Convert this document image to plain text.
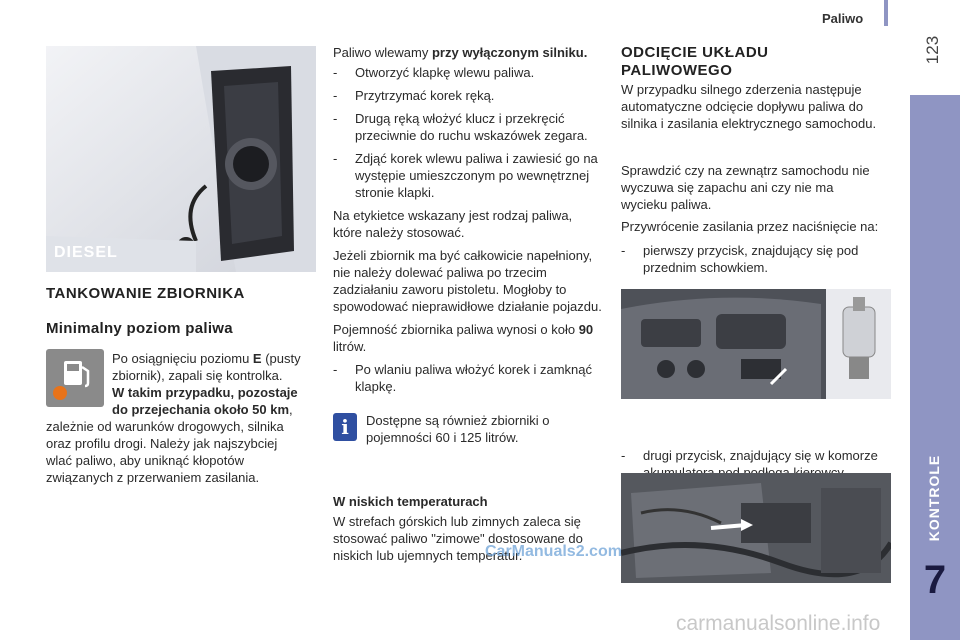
Paliwo
123
KONTROLE
7
DIESEL
TANKOWANIE ZBIORNIKA
Minimalny poziom paliwa
Po osiągnięciu poziomu E (pusty zbiornik), zapali się kontrolka.
W takim przypadku, pozostaje do przejechania około 50 km,
zależnie od warunków drogowych, silnika oraz profilu drogi. Należy jak najszybciej wlać paliwo, aby uniknąć kłopotów związanych z przerwaniem zasilania.
Paliwo wlewamy przy wyłączonym silniku.
- Otworzyć klapkę wlewu paliwa.
- Przytrzymać korek ręką.
- Drugą ręką włożyć klucz i przekręcić przeciwnie do ruchu wskazówek zegara.
- Zdjąć korek wlewu paliwa i zawiesić go na występie umieszczonym po wewnętrznej stronie klapki.

Na etykietce wskazany jest rodzaj paliwa, które należy stosować.

Jeżeli zbiornik ma być całkowicie napełniony, nie należy dolewać paliwa po trzecim zadziałaniu zaworu pistoletu. Mogłoby to spowodować nieprawidłowe działanie pojazdu.

Pojemność zbiornika paliwa wynosi o koło 90 litrów.

- Po wlaniu paliwa włożyć korek i zamknąć klapkę.
i	Dostępne są również zbiorniki o pojemności 60 i 125 litrów.
W niskich temperaturach
W strefach górskich lub zimnych zaleca się stosować paliwo "zimowe" dostosowane do niskich lub ujemnych temperatur.
ODCIĘCIE UKŁADU PALIWOWEGO
W przypadku silnego zderzenia następuje automatyczne odcięcie dopływu paliwa do silnika i zasilania elektrycznego samochodu.
Sprawdzić czy na zewnątrz samochodu nie wyczuwa się zapachu ani czy nie ma wycieku paliwa.
Przywrócenie zasilania przez naciśnięcie na:
- pierwszy przycisk, znajdujący się pod przednim schowkiem.
- drugi przycisk, znajdujący się w komorze
CarManuals2.com
carmanualsonline.info
